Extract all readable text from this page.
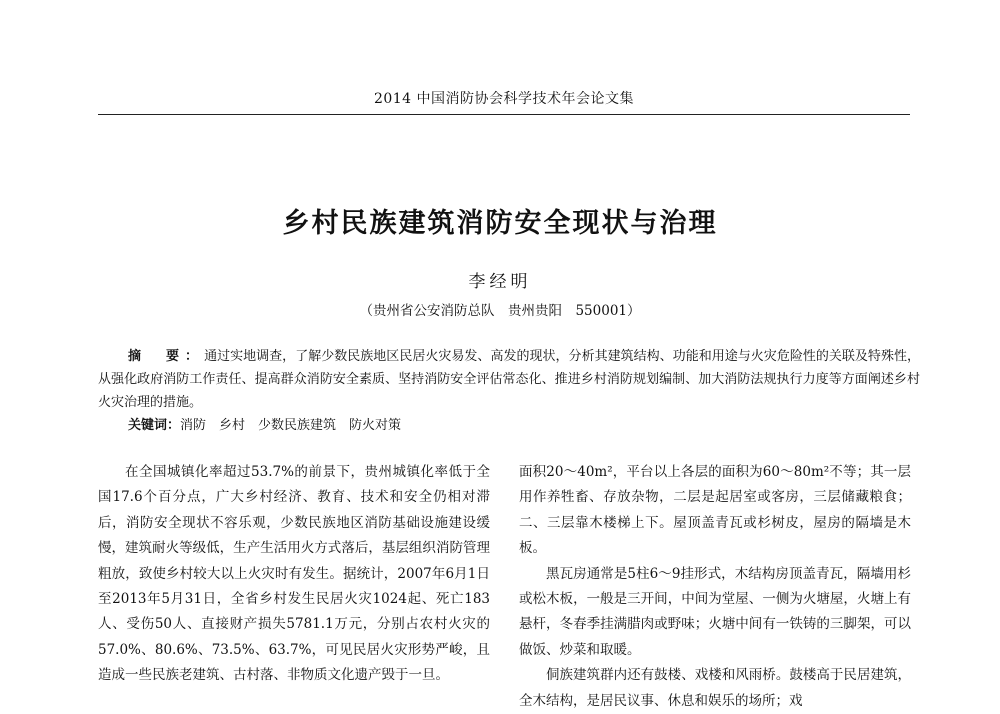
2014 中国消防协会科学技术年会论文集
乡村民族建筑消防安全现状与治理
李经明
（贵州省公安消防总队　贵州贵阳　550001）
摘　要：通过实地调查，了解少数民族地区民居火灾易发、高发的现状，分析其建筑结构、功能和用途与火灾危险性的关联及特殊性，从强化政府消防工作责任、提高群众消防安全素质、坚持消防安全评估常态化、推进乡村消防规划编制、加大消防法规执行力度等方面阐述乡村火灾治理的措施。
关键词：消防　乡村　少数民族建筑　防火对策

在全国城镇化率超过53.7%的前景下，贵州城镇化率低于全国17.6个百分点，广大乡村经济、教育、技术和安全仍相对滞后，消防安全现状不容乐观，少数民族地区消防基础设施建设缓慢，建筑耐火等级低，生产生活用火方式落后，基层组织消防管理粗放，致使乡村较大以上火灾时有发生。据统计，2007年6月1日至2013年5月31日，全省乡村发生民居火灾1024起、死亡183人、受伤50人、直接财产损失5781.1万元，分别占农村火灾的57.0%、80.6%、73.5%、63.7%，可见民居火灾形势严峻，且造成一些民族老建筑、古村落、非物质文化遗产毁于一旦。

面积20～40m²，平台以上各层的面积为60～80m²不等；其一层用作养牲畜、存放杂物，二层是起居室或客房，三层储藏粮食；二、三层靠木楼梯上下。屋顶盖青瓦或杉树皮，屋房的隔墙是木板。

黑瓦房通常是5柱6～9挂形式，木结构房顶盖青瓦，隔墙用杉或松木板，一般是三开间，中间为堂屋、一侧为火塘屋，火塘上有悬杆，冬春季挂满腊肉或野味；火塘中间有一铁铸的三脚架，可以做饭、炒菜和取暖。

侗族建筑群内还有鼓楼、戏楼和风雨桥。鼓楼高于民居建筑，全木结构，是居民议事、休息和娱乐的场所；戏
